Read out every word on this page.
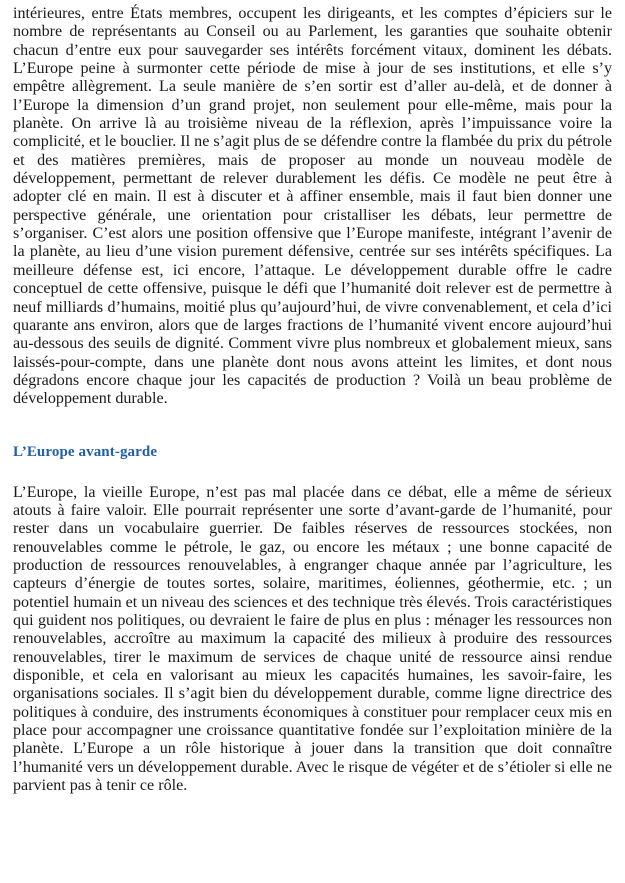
intérieures, entre États membres, occupent les dirigeants, et les comptes d’épiciers sur le nombre de représentants au Conseil ou au Parlement, les garanties que souhaite obtenir chacun d’entre eux pour sauvegarder ses intérêts forcément vitaux, dominent les débats. L’Europe peine à surmonter cette période de mise à jour de ses institutions, et elle s’y empêtre allègrement. La seule manière de s’en sortir est d’aller au-delà, et de donner à l’Europe la dimension d’un grand projet, non seulement pour elle-même, mais pour la planète. On arrive là au troisième niveau de la réflexion, après l’impuissance voire la complicité, et le bouclier. Il ne s’agit plus de se défendre contre la flambée du prix du pétrole et des matières premières, mais de proposer au monde un nouveau modèle de développement, permettant de relever durablement les défis. Ce modèle ne peut être à adopter clé en main. Il est à discuter et à affiner ensemble, mais il faut bien donner une perspective générale, une orientation pour cristalliser les débats, leur permettre de s’organiser. C’est alors une position offensive que l’Europe manifeste, intégrant l’avenir de la planète, au lieu d’une vision purement défensive, centrée sur ses intérêts spécifiques. La meilleure défense est, ici encore, l’attaque. Le développement durable offre le cadre conceptuel de cette offensive, puisque le défi que l’humanité doit relever est de permettre à neuf milliards d’humains, moitié plus qu’aujourd’hui, de vivre convenablement, et cela d’ici quarante ans environ, alors que de larges fractions de l’humanité vivent encore aujourd’hui au-dessous des seuils de dignité. Comment vivre plus nombreux et globalement mieux, sans laissés-pour-compte, dans une planète dont nous avons atteint les limites, et dont nous dégradons encore chaque jour les capacités de production ? Voilà un beau problème de développement durable.

L’Europe avant-garde

L’Europe, la vieille Europe, n’est pas mal placée dans ce débat, elle a même de sérieux atouts à faire valoir. Elle pourrait représenter une sorte d’avant-garde de l’humanité, pour rester dans un vocabulaire guerrier. De faibles réserves de ressources stockées, non renouvelables comme le pétrole, le gaz, ou encore les métaux ; une bonne capacité de production de ressources renouvelables, à engranger chaque année par l’agriculture, les capteurs d’énergie de toutes sortes, solaire, maritimes, éoliennes, géothermie, etc. ; un potentiel humain et un niveau des sciences et des technique très élevés. Trois caractéristiques qui guident nos politiques, ou devraient le faire de plus en plus : ménager les ressources non renouvelables, accroître au maximum la capacité des milieux à produire des ressources renouvelables, tirer le maximum de services de chaque unité de ressource ainsi rendue disponible, et cela en valorisant au mieux les capacités humaines, les savoir-faire, les organisations sociales. Il s’agit bien du développement durable, comme ligne directrice des politiques à conduire, des instruments économiques à constituer pour remplacer ceux mis en place pour accompagner une croissance quantitative fondée sur l’exploitation minière de la planète. L’Europe a un rôle historique à jouer dans la transition que doit connaître l’humanité vers un développement durable. Avec le risque de végéter et de s’étioler si elle ne parvient pas à tenir ce rôle.
